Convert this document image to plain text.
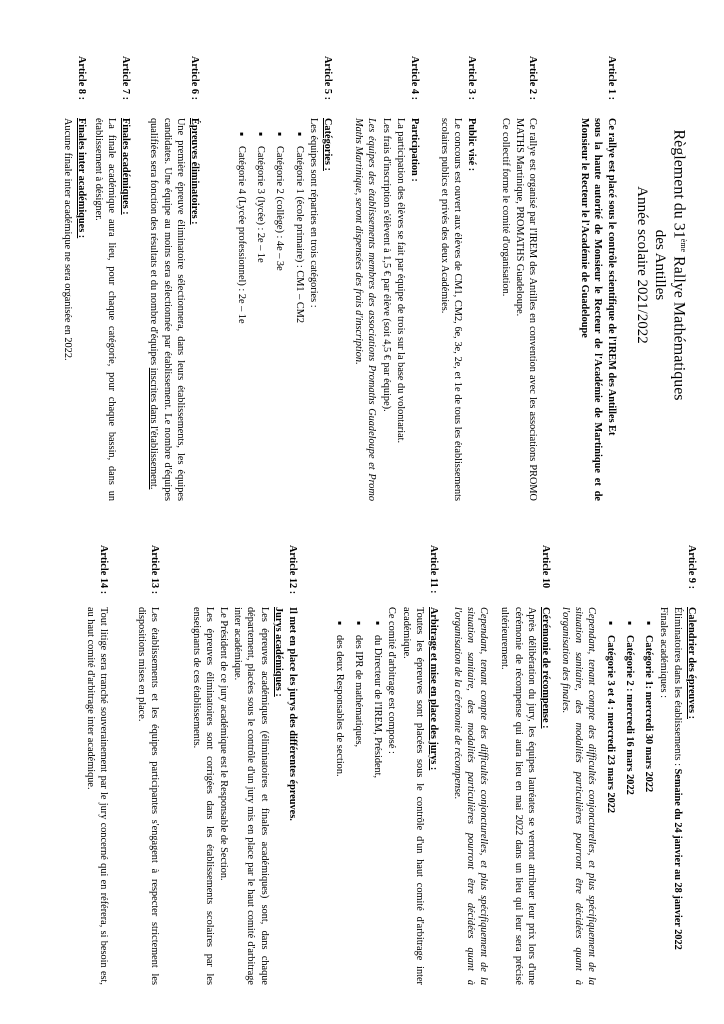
Règlement du 31ème Rallye Mathématiques
des Antilles
Année scolaire 2021/2022
Article 1 :

Ce rallye est placé sous le contrôle scientifique de l'IREM des Antilles Et

sous la haute autorité de Monsieur le Recteur de l'Académie de Martinique et de Monsieur le Recteur le l'Académie de Guadeloupe

Article 2 :

Ce rallye est organisé par l'IREM des Antilles en convention avec les associations PROMO MATHS Martinique, PROMATHS Guadeloupe.

Ce collectif forme le comité d'organisation.

Article 3 :

Public visé :

Le concours est ouvert aux élèves de CM1, CM2, 6e, 3e, 2e, et 1e de tous les établissements scolaires publics et privés des deux Académies.

Article 4 :

Participation :

La participation des élèves se fait par équipe de trois sur la base du volontariat.

Les frais d'inscription s'élèvent à 1,5 € par élève (soit 4,5 € par équipe).

Les équipes des établissements membres des associations Promaths Guadeloupe et Promo Maths Martinique, seront dispensées des frais d'inscription.

Article 5 :

Catégories :

Les équipes sont réparties en trois catégories :

▪ Catégorie 1 (école primaire) : CM1 – CM2
▪ Catégorie 2 (collège) : 4e – 3e
▪ Catégorie 3 (lycée) : 2e – 1e
▪ Catégorie 4 (Lycée professionnel) : 2e – 1e
Article 6 :

Épreuves éliminatoires :

Une première épreuve éliminatoire sélectionnera, dans leurs établissements, les équipes candidates. Une équipe au moins sera sélectionnée par établissement. Le nombre d'équipes qualifiées sera fonction des résultats et du nombre d'équipes inscrites dans l'établissement.

Article 7 :

Finales académiques :

La finale académique aura lieu, pour chaque catégorie, pour chaque bassin, dans un établissement à désigner.

Article 8 :

Finales inter académiques :

Aucune finale inter académique ne sera organisée en 2022.

Article 9 :

Calendrier des épreuves :

Éliminatoires dans les établissements : Semaine du 24 janvier au 28 janvier 2022

Finales académiques :

▪ Catégorie 1: mercredi 30 mars 2022
▪ Catégorie 2 : mercredi 16 mars 2022
▪ Catégorie 3 et 4 : mercredi 23 mars 2022

Cependant, tenant compte des difficultés conjoncturelles, et plus spécifiquement de la situation sanitaire, des modalités particulières pourront être décidées quant à l'organisation des finales.

Article 10

Cérémonie de récompense :

Après délibération du jury, les équipes lauréates se verront attribuer leur prix lors d'une cérémonie de récompense qui aura lieu en mai 2022 dans un lieu qui leur sera précisé ultérieurement.

Cependant, tenant compte des difficultés conjoncturelles, et plus spécifiquement de la situation sanitaire, des modalités particulières pourront être décidées quant à l'organisation de la cérémonie de récompense.

Article 11 :

Arbitrage et mise en place des jurys :

Toutes les épreuves sont placées sous le contrôle d'un haut comité d'arbitrage inter académique.

Ce comité d'arbitrage est composé :

▪ du Directeur de l'IREM, Président,
▪ des IPR de mathématiques,
▪ des deux Responsables de section.
Article 12 :

Il met en place les jurys des différentes épreuves.

Jurys académiques :

Les épreuves académiques (éliminatoires et finales académiques) sont, dans chaque département, placées sous le contrôle d'un jury mis en place par le haut comité d'arbitrage inter académique.

Le Président de ce jury académique est le Responsable de Section.

Les épreuves éliminatoires sont corrigées dans les établissements scolaires par les enseignants de ces établissements.

Article 13 :

Les établissements et les équipes participantes s'engagent à respecter strictement les dispositions mises en place.

Article 14 :

Tout litige sera tranché souverainement par le jury concerné qui en référera, si besoin est, au haut comité d'arbitrage inter académique.
